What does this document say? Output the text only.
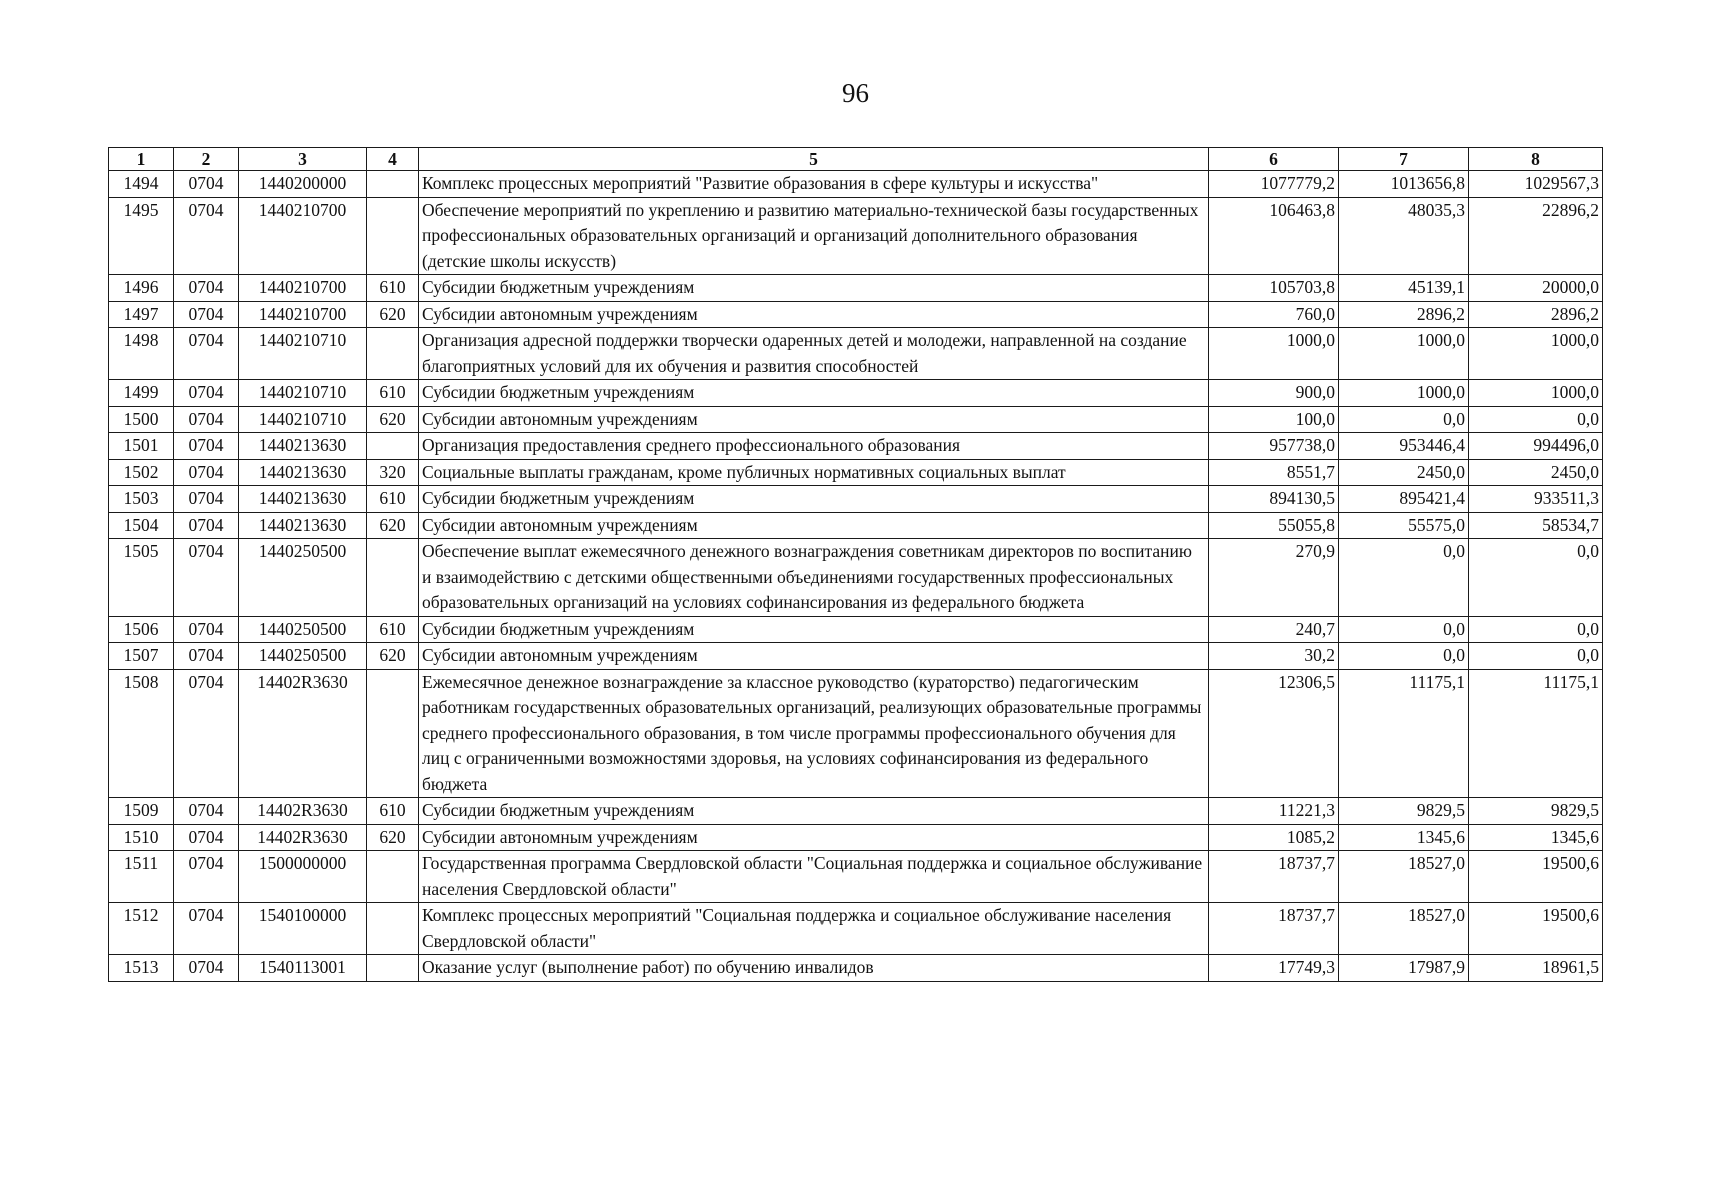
96
1	2	3	4	5	6	7	8
1494	0704	1440200000		Комплекс процессных мероприятий "Развитие образования в сфере культуры и искусства"	1077779,2	1013656,8	1029567,3
1495	0704	1440210700		Обеспечение мероприятий по укреплению и развитию материально-технической базы государственных профессиональных образовательных организаций и организаций дополнительного образования (детские школы искусств)	106463,8	48035,3	22896,2
1496	0704	1440210700	610	Субсидии бюджетным учреждениям	105703,8	45139,1	20000,0
1497	0704	1440210700	620	Субсидии автономным учреждениям	760,0	2896,2	2896,2
1498	0704	1440210710		Организация адресной поддержки творчески одаренных детей и молодежи, направленной на создание благоприятных условий для их обучения и развития способностей	1000,0	1000,0	1000,0
1499	0704	1440210710	610	Субсидии бюджетным учреждениям	900,0	1000,0	1000,0
1500	0704	1440210710	620	Субсидии автономным учреждениям	100,0	0,0	0,0
1501	0704	1440213630		Организация предоставления среднего профессионального образования	957738,0	953446,4	994496,0
1502	0704	1440213630	320	Социальные выплаты гражданам, кроме публичных нормативных социальных выплат	8551,7	2450,0	2450,0
1503	0704	1440213630	610	Субсидии бюджетным учреждениям	894130,5	895421,4	933511,3
1504	0704	1440213630	620	Субсидии автономным учреждениям	55055,8	55575,0	58534,7
1505	0704	1440250500		Обеспечение выплат ежемесячного денежного вознаграждения советникам директоров по воспитанию и взаимодействию с детскими общественными объединениями государственных профессиональных образовательных организаций на условиях софинансирования из федерального бюджета	270,9	0,0	0,0
1506	0704	1440250500	610	Субсидии бюджетным учреждениям	240,7	0,0	0,0
1507	0704	1440250500	620	Субсидии автономным учреждениям	30,2	0,0	0,0
1508	0704	14402R3630		Ежемесячное денежное вознаграждение за классное руководство (кураторство) педагогическим работникам государственных образовательных организаций, реализующих образовательные программы среднего профессионального образования, в том числе программы профессионального обучения для лиц с ограниченными возможностями здоровья, на условиях софинансирования из федерального бюджета	12306,5	11175,1	11175,1
1509	0704	14402R3630	610	Субсидии бюджетным учреждениям	11221,3	9829,5	9829,5
1510	0704	14402R3630	620	Субсидии автономным учреждениям	1085,2	1345,6	1345,6
1511	0704	1500000000		Государственная программа Свердловской области "Социальная поддержка и социальное обслуживание населения Свердловской области"	18737,7	18527,0	19500,6
1512	0704	1540100000		Комплекс процессных мероприятий "Социальная поддержка и социальное обслуживание населения Свердловской области"	18737,7	18527,0	19500,6
1513	0704	1540113001		Оказание услуг (выполнение работ) по обучению инвалидов	17749,3	17987,9	18961,5
